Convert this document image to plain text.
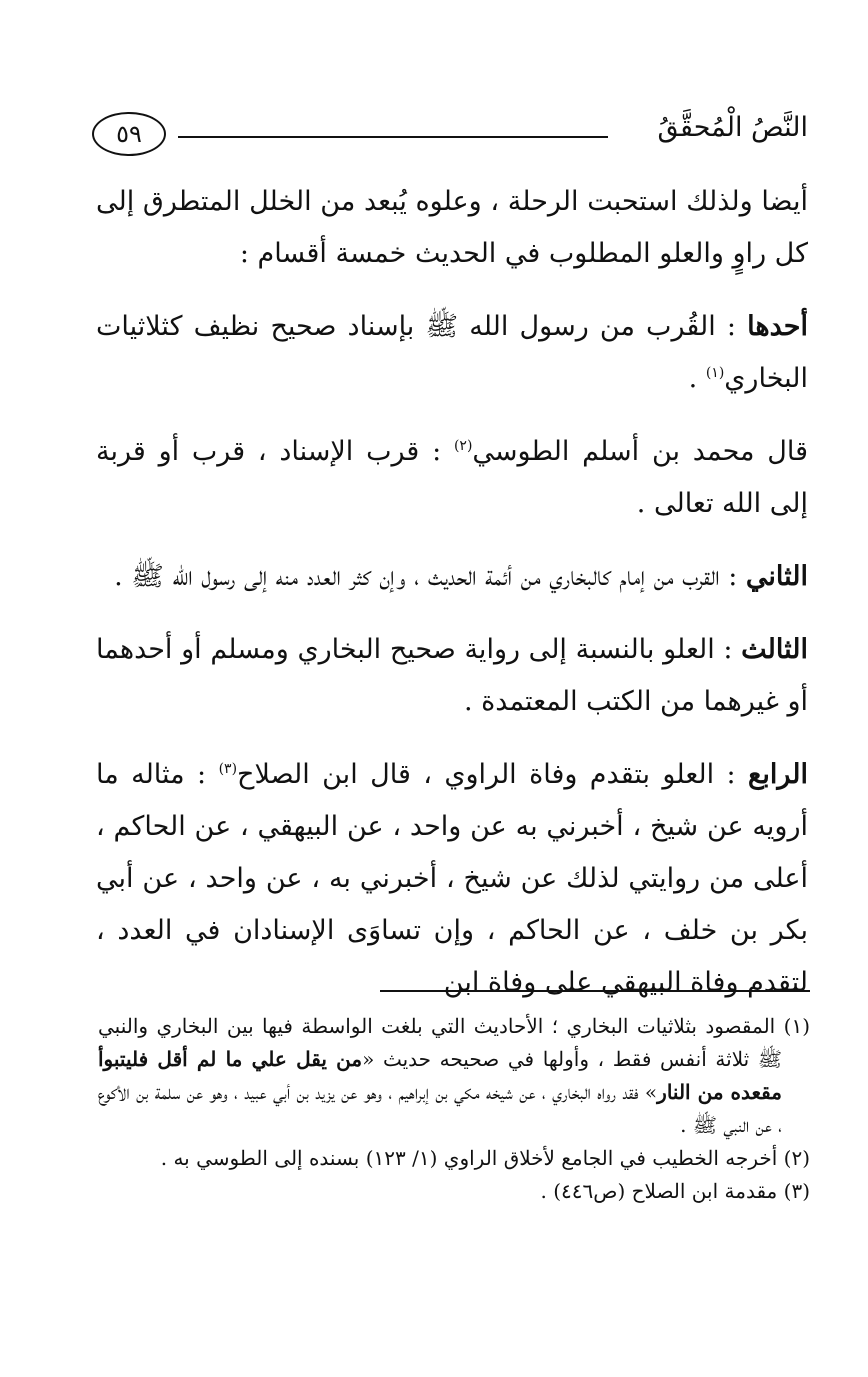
النَّصُ الْمُحقَّقُ
٥٩

أيضا ولذلك استحبت الرحلة ، وعلوه يُبعد من الخلل المتطرق إلى كل راوٍ والعلو المطلوب في الحديث خمسة أقسام :

أحدها : القُرب من رسول الله ﷺ بإسناد صحيح نظيف كثلاثيات البخاري$^{(١)}$ .

قال محمد بن أسلم الطوسي$^{(٢)}$ : قرب الإسناد ، قرب أو قربة إلى الله تعالى .

الثاني : القرب من إمام كالبخاري من أئمة الحديث ، وإن كثر العدد منه إلى رسول الله ﷺ .

الثالث : العلو بالنسبة إلى رواية صحيح البخاري ومسلم أو أحدهما أو غيرهما من الكتب المعتمدة .

الرابع : العلو بتقدم وفاة الراوي ، قال ابن الصلاح$^{(٣)}$ : مثاله ما أرويه عن شيخ ، أخبرني به عن واحد ، عن البيهقي ، عن الحاكم ، أعلى من روايتي لذلك عن شيخ ، أخبرني به ، عن واحد ، عن أبي بكر بن خلف ، عن الحاكم ، وإن تساوَى الإسنادان في العدد ، لتقدم وفاة البيهقي على وفاة ابن

(١) المقصود بثلاثيات البخاري ؛ الأحاديث التي بلغت الواسطة فيها بين البخاري والنبي ﷺ ثلاثة أنفس فقط ، وأولها في صحيحه حديث «من يقل علي ما لم أقل فليتبوأ مقعده من النار» فقد رواه البخاري ، عن شيخه مكي بن إبراهيم ، وهو عن يزيد بن أبي عبيد ، وهو عن سلمة بن الأكوع ، عن النبي ﷺ .

(٢) أخرجه الخطيب في الجامع لأخلاق الراوي (١/ ١٢٣) بسنده إلى الطوسي به .

(٣) مقدمة ابن الصلاح (ص٤٤٦) .
